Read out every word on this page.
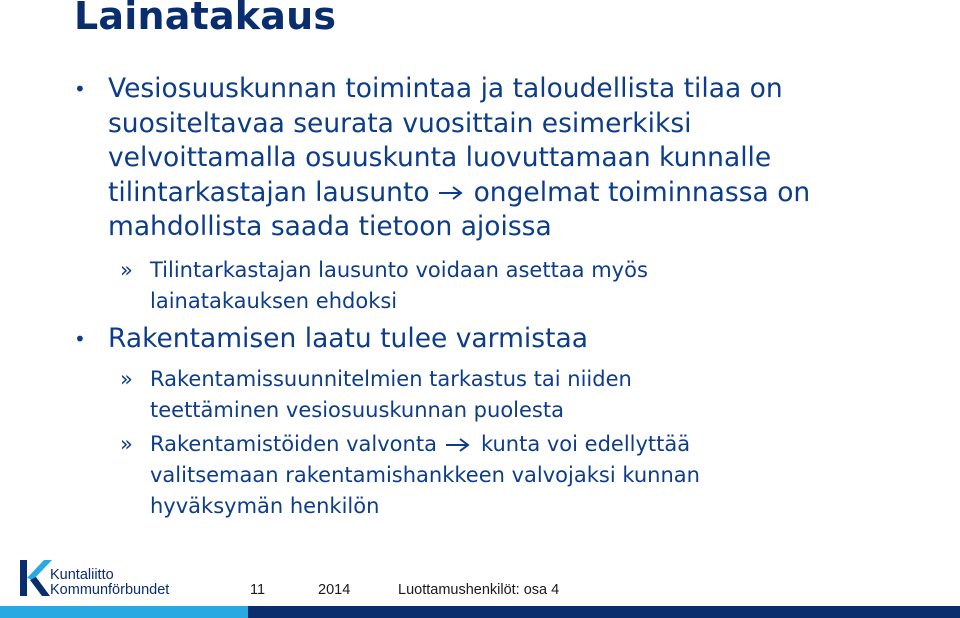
Lainatakaus
• Vesiosuuskunnan toimintaa ja taloudellista tilaa on
suositeltavaa seurata vuosittain esimerkiksi
velvoittamalla osuuskunta luovuttamaan kunnalle
tilintarkastajan lausunto ongelmat toiminnassa on
mahdollista saada tietoon ajoissa
» Tilintarkastajan lausunto voidaan asettaa myös
lainatakauksen ehdoksi
• Rakentamisen laatu tulee varmistaa
» Rakentamissuunnitelmien tarkastus tai niiden
teettäminen vesiosuuskunnan puolesta
» Rakentamistöiden valvonta kunta voi edellyttää
valitsemaan rakentamishankkeen valvojaksi kunnan
hyväksymän henkilön
Kuntaliitto
Kommunförbundet	11	2014	Luottamushenkilöt: osa 4
